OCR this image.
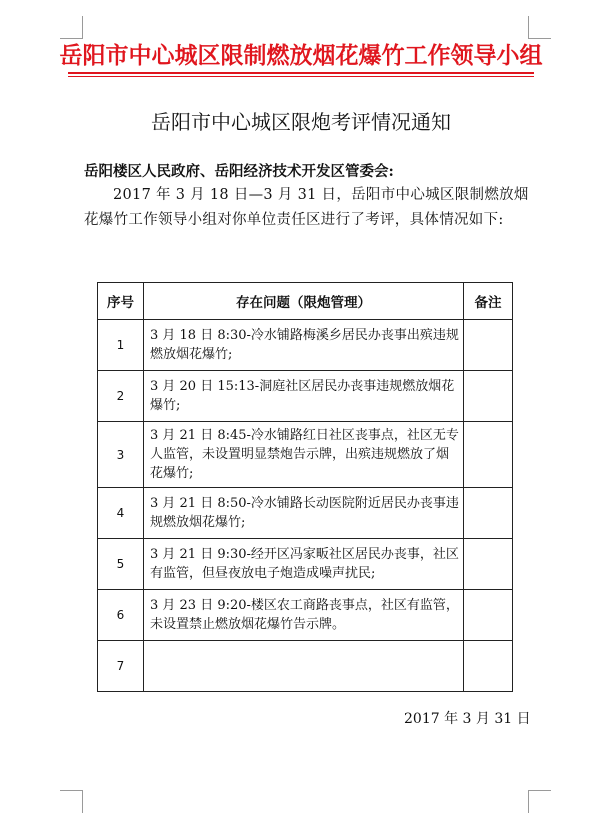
岳阳市中心城区限制燃放烟花爆竹工作领导小组
岳阳市中心城区限炮考评情况通知
岳阳楼区人民政府、岳阳经济技术开发区管委会:
2017 年 3 月 18 日—3 月 31 日，岳阳市中心城区限制燃放烟花爆竹工作领导小组对你单位责任区进行了考评，具体情况如下:
序号	存在问题（限炮管理）	备注
1	3 月 18 日 8:30-冷水铺路梅溪乡居民办丧事出殡违规燃放烟花爆竹;	
2	3 月 20 日 15:13-洞庭社区居民办丧事违规燃放烟花爆竹;	
3	3 月 21 日 8:45-冷水铺路红日社区丧事点，社区无专人监管，未设置明显禁炮告示牌，出殡违规燃放了烟花爆竹;	
4	3 月 21 日 8:50-冷水铺路长动医院附近居民办丧事违规燃放烟花爆竹;	
5	3 月 21 日 9:30-经开区冯家畈社区居民办丧事，社区有监管，但昼夜放电子炮造成噪声扰民;	
6	3 月 23 日 9:20-楼区农工商路丧事点，社区有监管，未设置禁止燃放烟花爆竹告示牌。	
7		
2017 年 3 月 31 日
